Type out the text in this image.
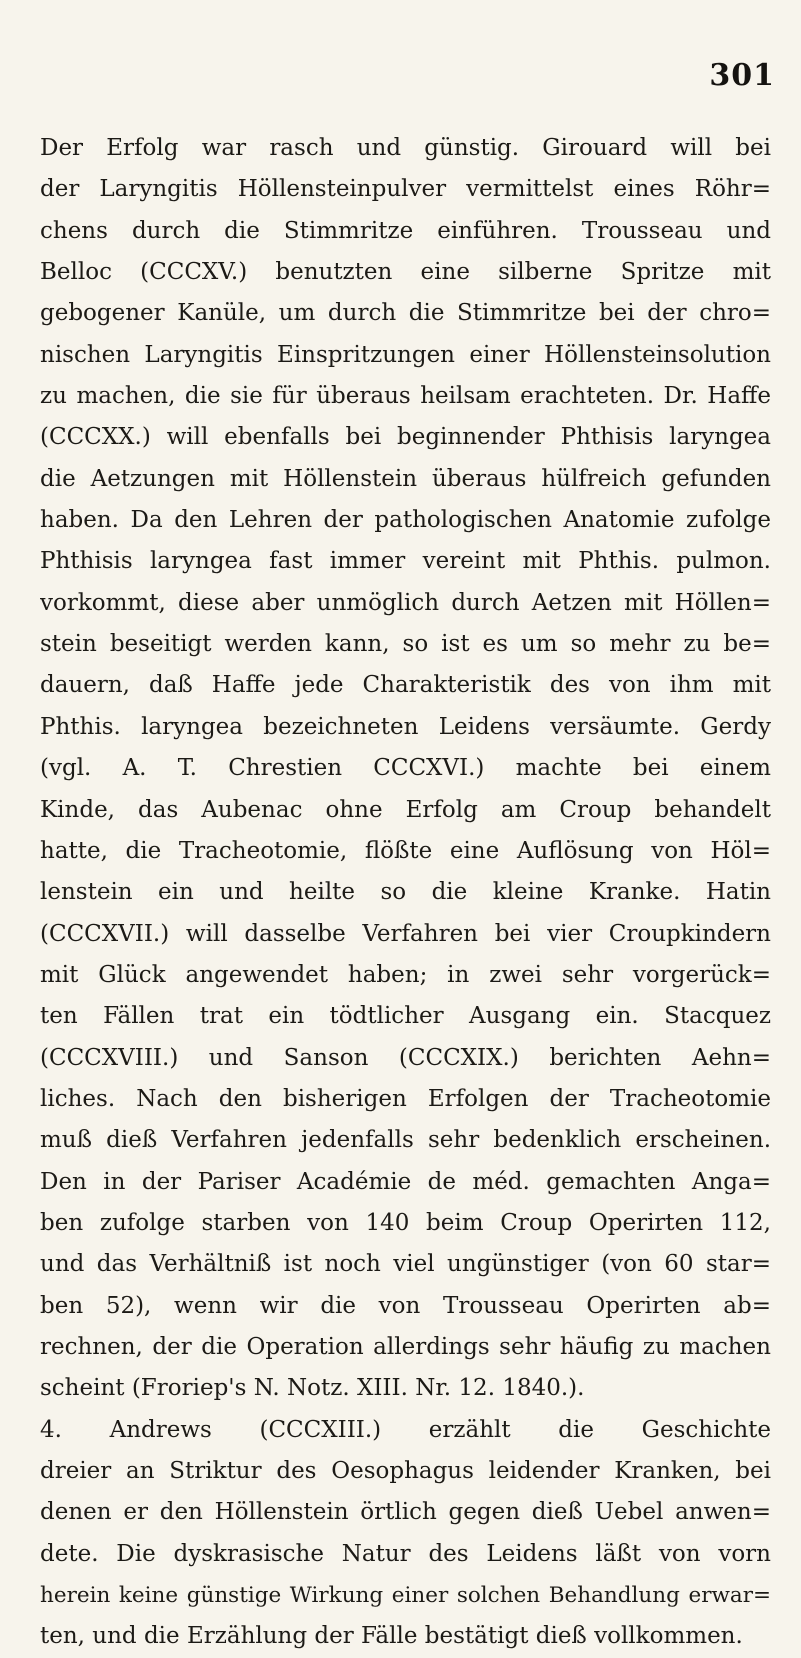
301
Der Erfolg war rasch und günstig. Girouard will bei
der Laryngitis Höllensteinpulver vermittelst eines Röhr=
chens durch die Stimmritze einführen. Trousseau und
Belloc (CCCXV.) benutzten eine silberne Spritze mit
gebogener Kanüle, um durch die Stimmritze bei der chro=
nischen Laryngitis Einspritzungen einer Höllensteinsolution
zu machen, die sie für überaus heilsam erachteten. Dr. Haffe
(CCCXX.) will ebenfalls bei beginnender Phthisis laryngea
die Aetzungen mit Höllenstein überaus hülfreich gefunden
haben. Da den Lehren der pathologischen Anatomie zufolge
Phthisis laryngea fast immer vereint mit Phthis. pulmon.
vorkommt, diese aber unmöglich durch Aetzen mit Höllen=
stein beseitigt werden kann, so ist es um so mehr zu be=
dauern, daß Haffe jede Charakteristik des von ihm mit
Phthis. laryngea bezeichneten Leidens versäumte. Gerdy
(vgl. A. T. Chrestien CCCXVI.) machte bei einem
Kinde, das Aubenac ohne Erfolg am Croup behandelt
hatte, die Tracheotomie, flößte eine Auflösung von Höl=
lenstein ein und heilte so die kleine Kranke. Hatin
(CCCXVII.) will dasselbe Verfahren bei vier Croupkindern
mit Glück angewendet haben; in zwei sehr vorgerück=
ten Fällen trat ein tödtlicher Ausgang ein. Stacquez
(CCCXVIII.) und Sanson (CCCXIX.) berichten Aehn=
liches. Nach den bisherigen Erfolgen der Tracheotomie
muß dieß Verfahren jedenfalls sehr bedenklich erscheinen.
Den in der Pariser Académie de méd. gemachten Anga=
ben zufolge starben von 140 beim Croup Operirten 112,
und das Verhältniß ist noch viel ungünstiger (von 60 star=
ben 52), wenn wir die von Trousseau Operirten ab=
rechnen, der die Operation allerdings sehr häufig zu machen
scheint (Froriep's N. Notz. XIII. Nr. 12. 1840.).
4. Andrews (CCCXIII.) erzählt die Geschichte
dreier an Striktur des Oesophagus leidender Kranken, bei
denen er den Höllenstein örtlich gegen dieß Uebel anwen=
dete. Die dyskrasische Natur des Leidens läßt von vorn
herein keine günstige Wirkung einer solchen Behandlung erwar=
ten, und die Erzählung der Fälle bestätigt dieß vollkommen.
